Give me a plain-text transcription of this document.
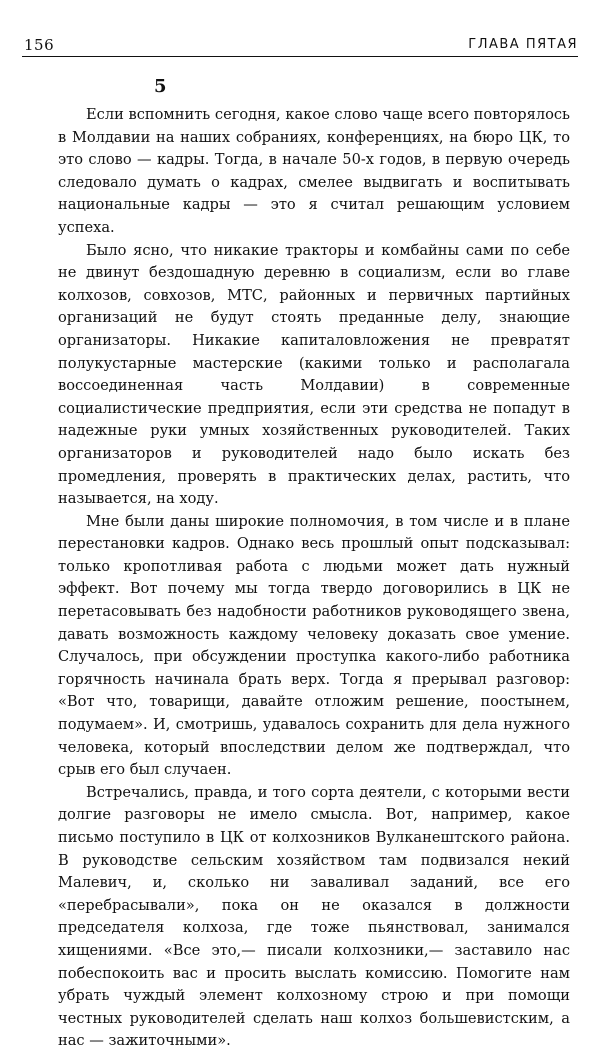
156	ГЛАВА ПЯТАЯ
5

Если вспомнить сегодня, какое слово чаще всего повторялось в Молдавии на наших собраниях, конференциях, на бюро ЦК, то это слово — кадры. Тогда, в начале 50-х годов, в первую очередь следовало думать о кадрах, смелее выдвигать и воспитывать национальные кадры — это я считал решающим условием успеха.

Было ясно, что никакие тракторы и комбайны сами по себе не двинут бездошадную деревню в социализм, если во главе колхозов, совхозов, МТС, районных и первичных партийных организаций не будут стоять преданные делу, знающие организаторы. Никакие капиталовложения не превратят полукустарные мастерские (какими только и располагала воссоединенная часть Молдавии) в современные социалистические предприятия, если эти средства не попадут в надежные руки умных хозяйственных руководителей. Таких организаторов и руководителей надо было искать без промедления, проверять в практических делах, растить, что называется, на ходу.

Мне были даны широкие полномочия, в том числе и в плане перестановки кадров. Однако весь прошлый опыт подсказывал: только кропотливая работа с людьми может дать нужный эффект. Вот почему мы тогда твердо договорились в ЦК не перетасовывать без надобности работников руководящего звена, давать возможность каждому человеку доказать свое умение. Случалось, при обсуждении проступка какого-либо работника горячность начинала брать верх. Тогда я прерывал разговор: «Вот что, товарищи, давайте отложим решение, поостынем, подумаем». И, смотришь, удавалось сохранить для дела нужного человека, который впоследствии делом же подтверждал, что срыв его был случаен.

Встречались, правда, и того сорта деятели, с которыми вести долгие разговоры не имело смысла. Вот, например, какое письмо поступило в ЦК от колхозников Вулканештского района. В руководстве сельским хозяйством там подвизался некий Малевич, и, сколько ни заваливал заданий, все его «перебрасывали», пока он не оказался в должности председателя колхоза, где тоже пьянствовал, занимался хищениями. «Все это,— писали колхозники,— заставило нас побеспокоить вас и просить выслать комиссию. Помогите нам убрать чуждый элемент колхозному строю и при помощи честных руководителей сделать наш колхоз большевистским, а нас — зажиточными».
